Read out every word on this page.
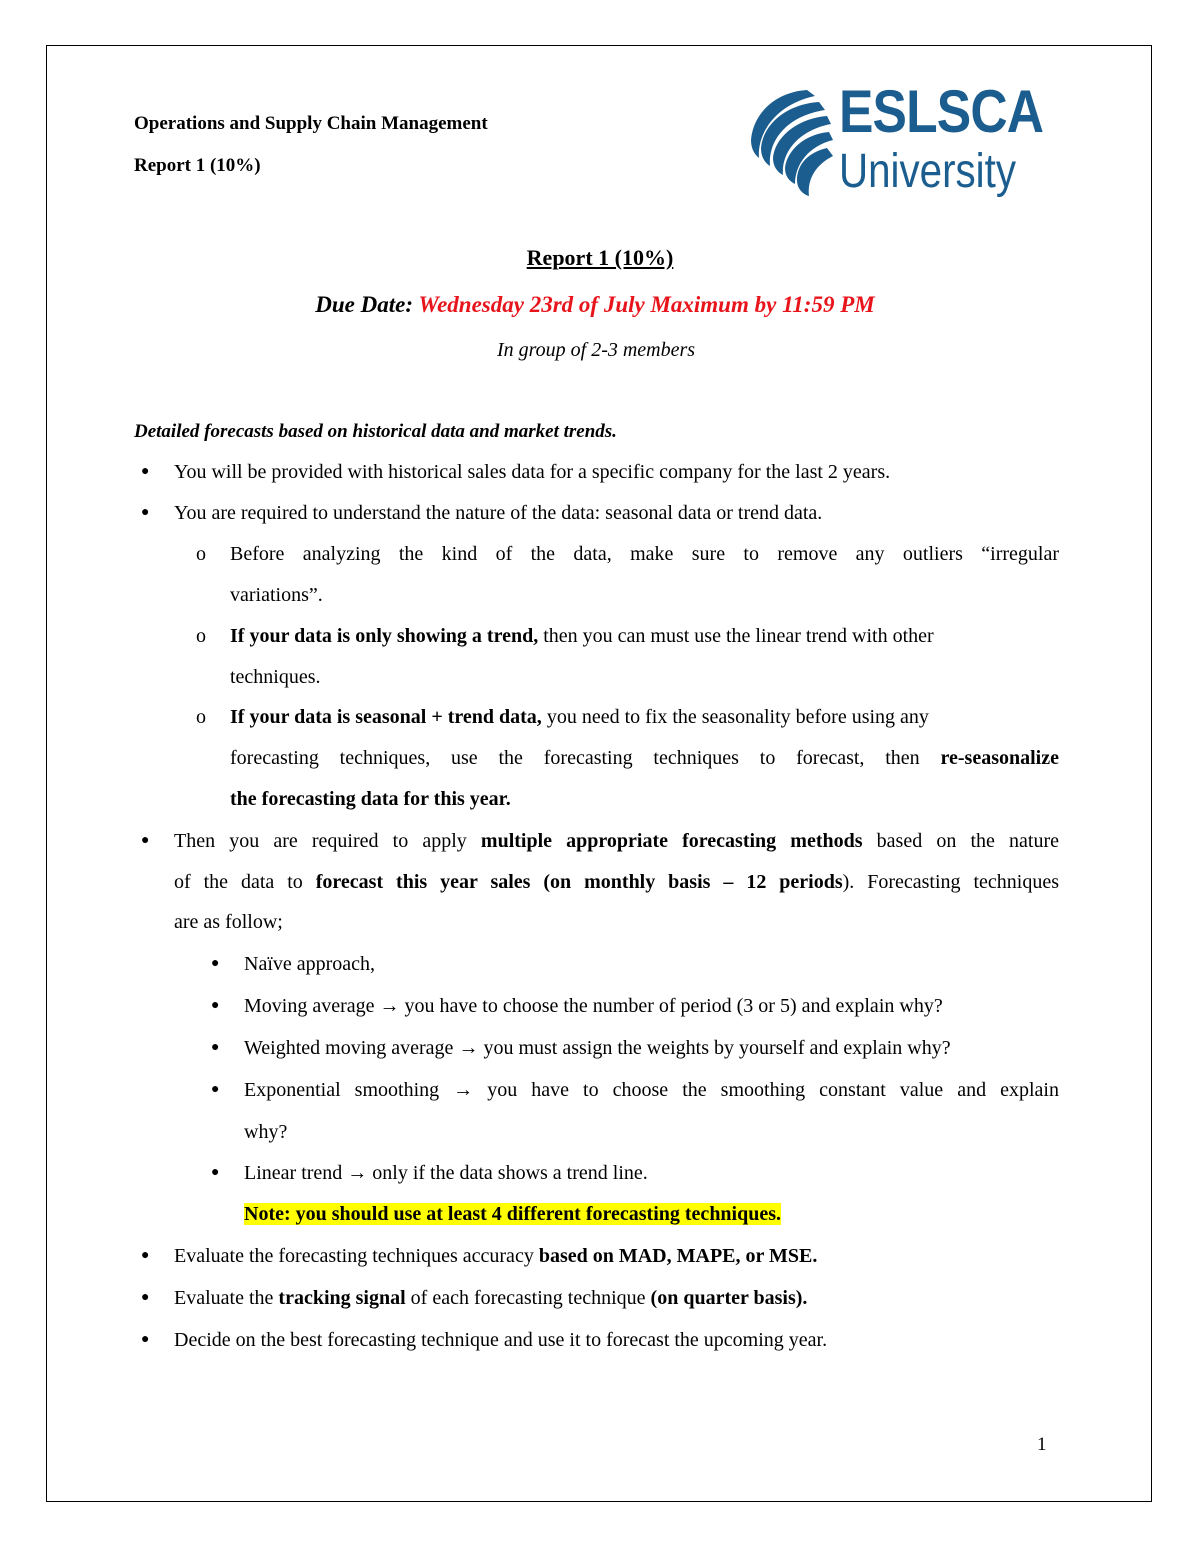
Operations and Supply Chain Management
Report 1 (10%)
ESLSCA
University
Report 1 (10%)
Due Date: Wednesday 23rd of July Maximum by 11:59 PM
In group of 2-3 members
Detailed forecasts based on historical data and market trends.
● You will be provided with historical sales data for a specific company for the last 2 years.
● You are required to understand the nature of the data: seasonal data or trend data.
o Before analyzing the kind of the data, make sure to remove any outliers “irregular
variations”.
o If your data is only showing a trend, then you can must use the linear trend with other
techniques.
o If your data is seasonal + trend data, you need to fix the seasonality before using any
forecasting techniques, use the forecasting techniques to forecast, then re-seasonalize
the forecasting data for this year.
● Then you are required to apply multiple appropriate forecasting methods based on the nature
of the data to forecast this year sales (on monthly basis – 12 periods). Forecasting techniques
are as follow;
● Naïve approach,
● Moving average → you have to choose the number of period (3 or 5) and explain why?
● Weighted moving average → you must assign the weights by yourself and explain why?
● Exponential smoothing → you have to choose the smoothing constant value and explain
why?
● Linear trend → only if the data shows a trend line.
Note: you should use at least 4 different forecasting techniques.
● Evaluate the forecasting techniques accuracy based on MAD, MAPE, or MSE.
● Evaluate the tracking signal of each forecasting technique (on quarter basis).
● Decide on the best forecasting technique and use it to forecast the upcoming year.
1
